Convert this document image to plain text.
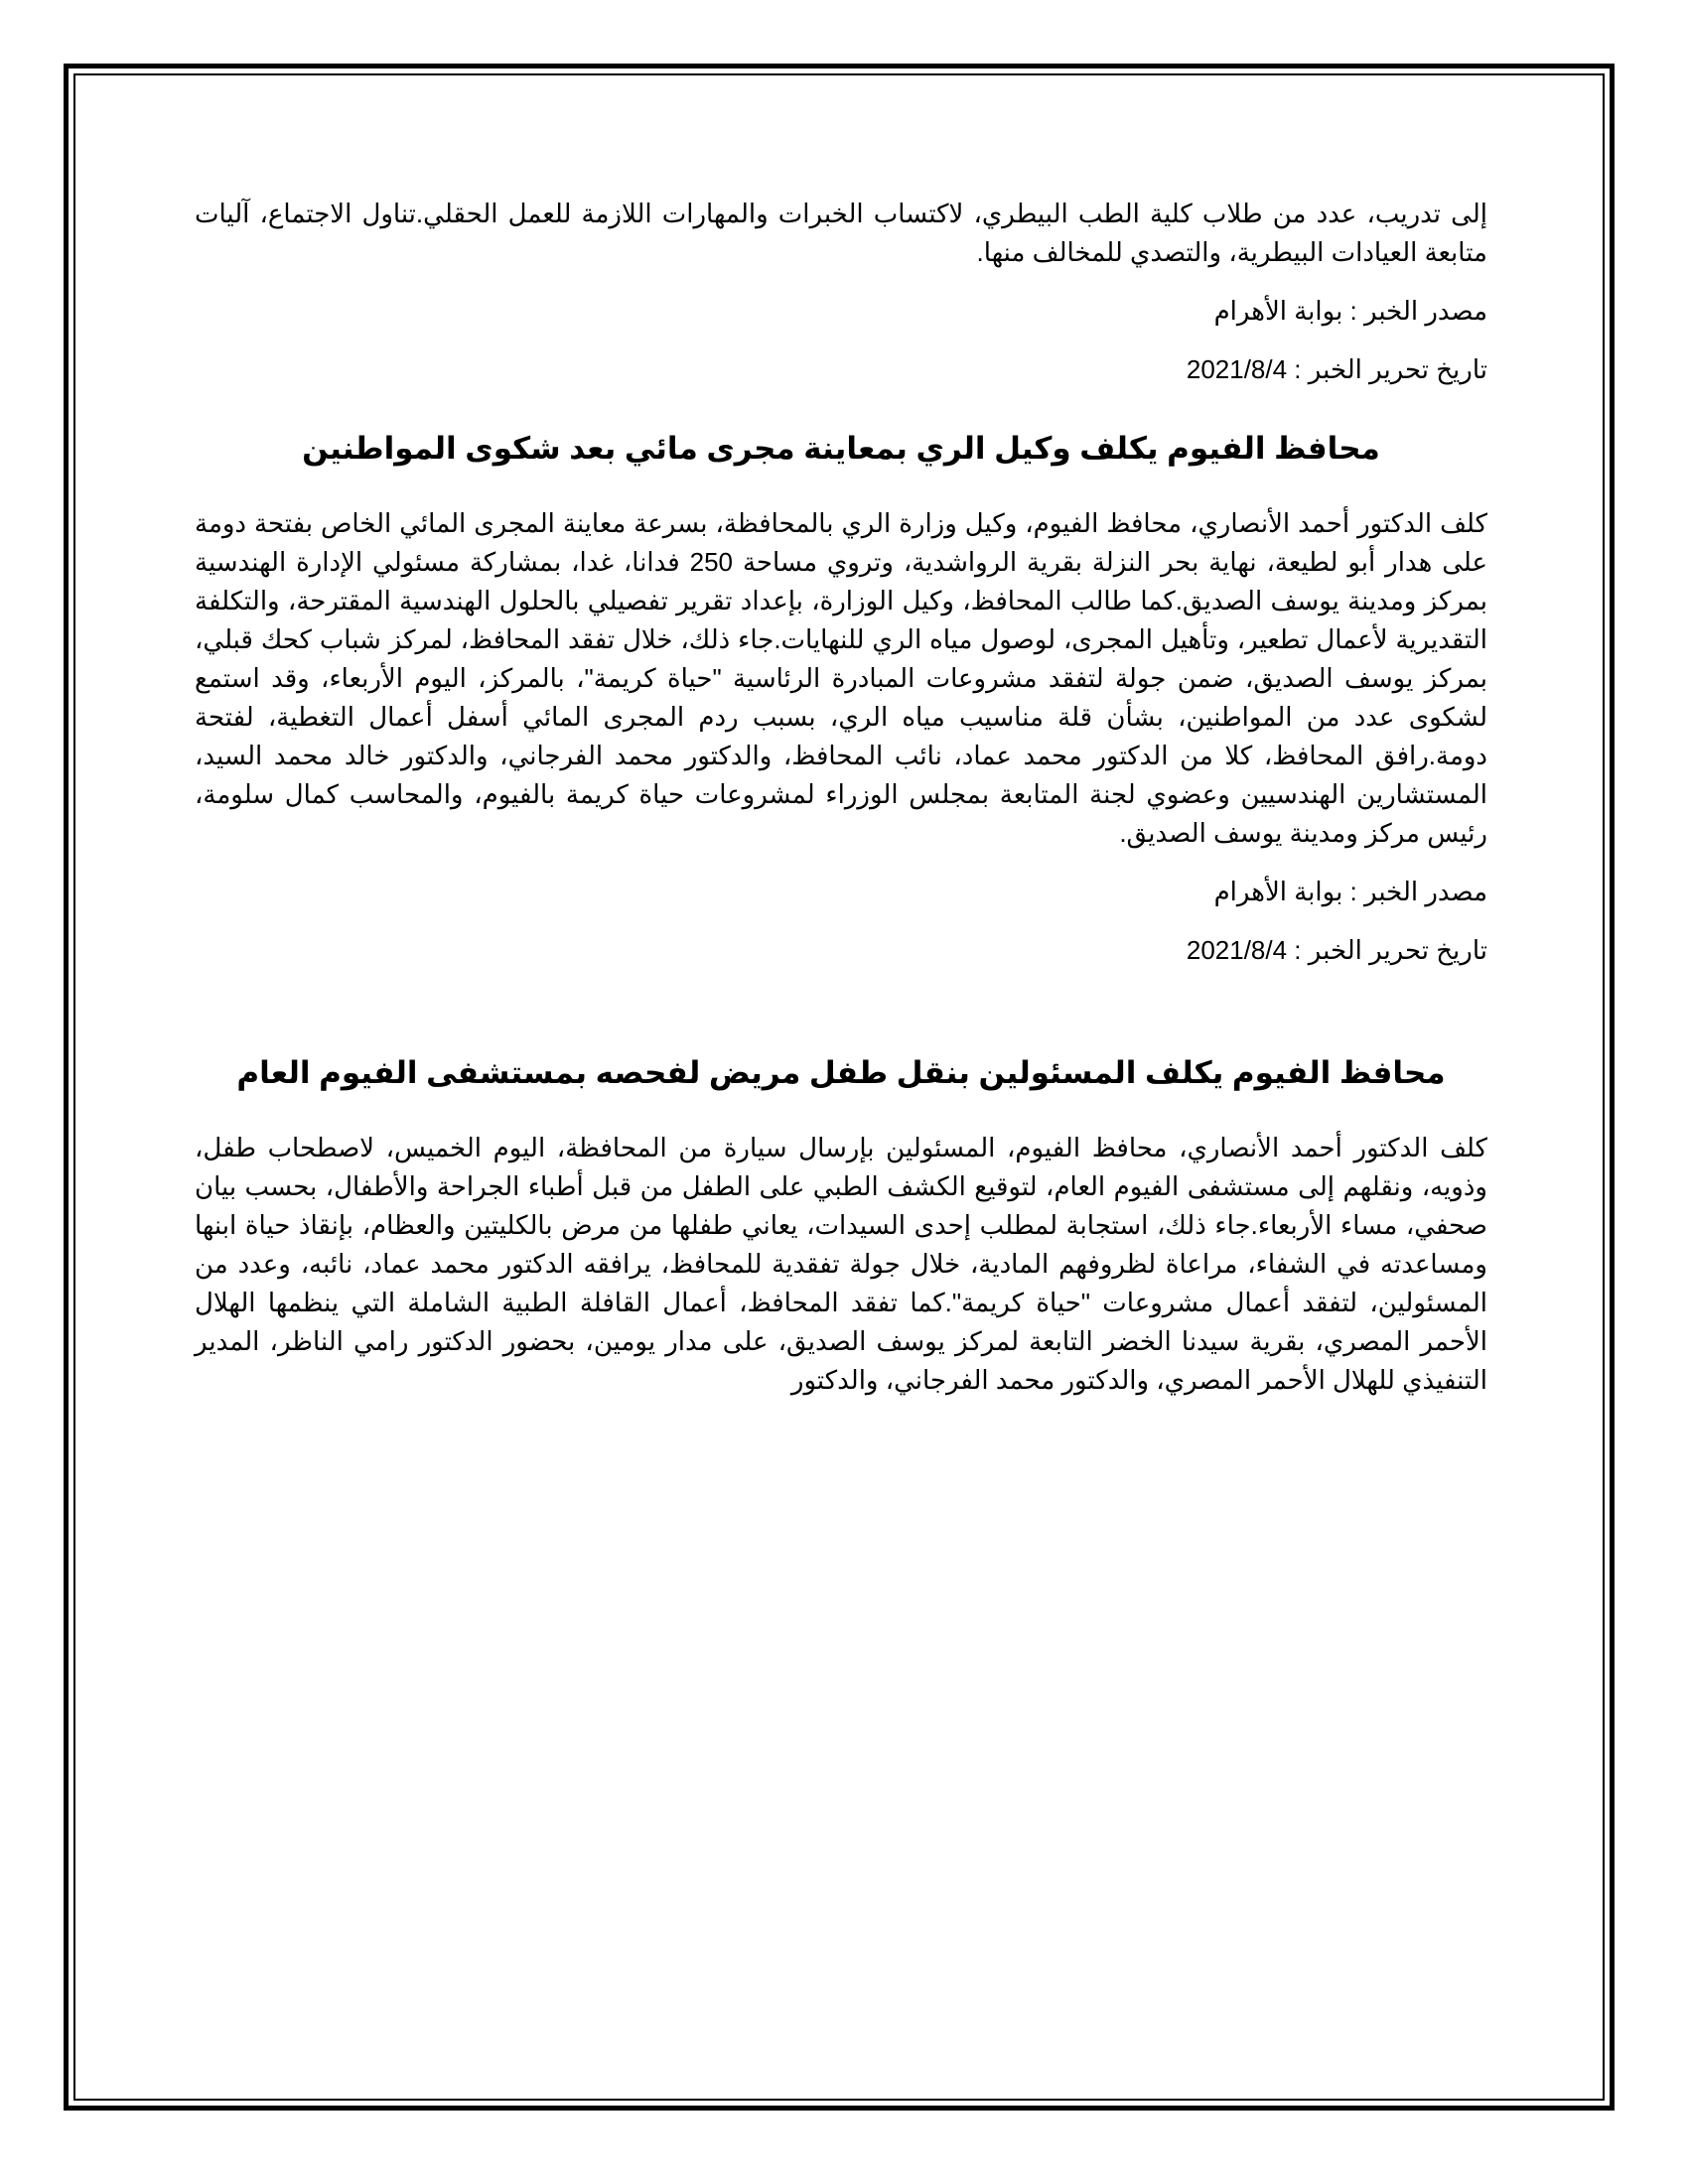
إلى تدريب، عدد من طلاب كلية الطب البيطري، لاكتساب الخبرات والمهارات اللازمة للعمل الحقلي.تناول الاجتماع، آليات متابعة العيادات البيطرية، والتصدي للمخالف منها.

مصدر الخبر : بوابة الأهرام

تاريخ تحرير الخبر : 2021/8/4

محافظ الفيوم يكلف وكيل الري بمعاينة مجرى مائي بعد شكوى المواطنين

كلف الدكتور أحمد الأنصاري، محافظ الفيوم، وكيل وزارة الري بالمحافظة، بسرعة معاينة المجرى المائي الخاص بفتحة دومة على هدار أبو لطيعة، نهاية بحر النزلة بقرية الرواشدية، وتروي مساحة 250 فدانا، غدا، بمشاركة مسئولي الإدارة الهندسية بمركز ومدينة يوسف الصديق.كما طالب المحافظ، وكيل الوزارة، بإعداد تقرير تفصيلي بالحلول الهندسية المقترحة، والتكلفة التقديرية لأعمال تطعير، وتأهيل المجرى، لوصول مياه الري للنهايات.جاء ذلك، خلال تفقد المحافظ، لمركز شباب كحك قبلي، بمركز يوسف الصديق، ضمن جولة لتفقد مشروعات المبادرة الرئاسية "حياة كريمة"، بالمركز، اليوم الأربعاء، وقد استمع لشكوى عدد من المواطنين، بشأن قلة مناسيب مياه الري، بسبب ردم المجرى المائي أسفل أعمال التغطية، لفتحة دومة.رافق المحافظ، كلا من الدكتور محمد عماد، نائب المحافظ، والدكتور محمد الفرجاني، والدكتور خالد محمد السيد، المستشارين الهندسيين وعضوي لجنة المتابعة بمجلس الوزراء لمشروعات حياة كريمة بالفيوم، والمحاسب كمال سلومة، رئيس مركز ومدينة يوسف الصديق.

مصدر الخبر : بوابة الأهرام

تاريخ تحرير الخبر : 2021/8/4

محافظ الفيوم يكلف المسئولين بنقل طفل مريض لفحصه بمستشفى الفيوم العام

كلف الدكتور أحمد الأنصاري، محافظ الفيوم، المسئولين بإرسال سيارة من المحافظة، اليوم الخميس، لاصطحاب طفل، وذويه، ونقلهم إلى مستشفى الفيوم العام، لتوقيع الكشف الطبي على الطفل من قبل أطباء الجراحة والأطفال، بحسب بيان صحفي، مساء الأربعاء.جاء ذلك، استجابة لمطلب إحدى السيدات، يعاني طفلها من مرض بالكليتين والعظام، بإنقاذ حياة ابنها ومساعدته في الشفاء، مراعاة لظروفهم المادية، خلال جولة تفقدية للمحافظ، يرافقه الدكتور محمد عماد، نائبه، وعدد من المسئولين، لتفقد أعمال مشروعات "حياة كريمة".كما تفقد المحافظ، أعمال القافلة الطبية الشاملة التي ينظمها الهلال الأحمر المصري، بقرية سيدنا الخضر التابعة لمركز يوسف الصديق، على مدار يومين، بحضور الدكتور رامي الناظر، المدير التنفيذي للهلال الأحمر المصري، والدكتور محمد الفرجاني، والدكتور
